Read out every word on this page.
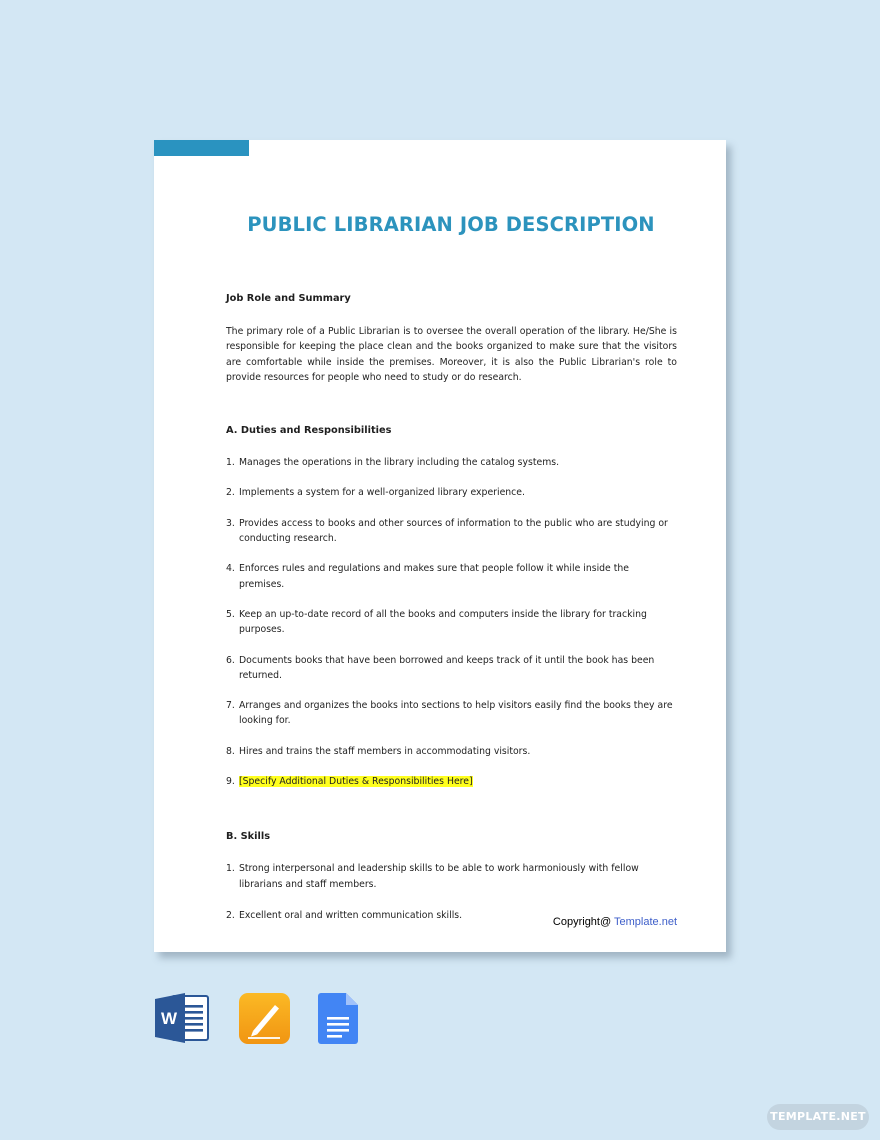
PUBLIC LIBRARIAN JOB DESCRIPTION

Job Role and Summary

The primary role of a Public Librarian is to oversee the overall operation of the library. He/She is responsible for keeping the place clean and the books organized to make sure that the visitors are comfortable while inside the premises. Moreover, it is also the Public Librarian's role to provide resources for people who need to study or do research.

A. Duties and Responsibilities

1. Manages the operations in the library including the catalog systems.
2. Implements a system for a well-organized library experience.
3. Provides access to books and other sources of information to the public who are studying or conducting research.
4. Enforces rules and regulations and makes sure that people follow it while inside the premises.
5. Keep an up-to-date record of all the books and computers inside the library for tracking purposes.
6. Documents books that have been borrowed and keeps track of it until the book has been returned.
7. Arranges and organizes the books into sections to help visitors easily find the books they are looking for.
8. Hires and trains the staff members in accommodating visitors.
9. [Specify Additional Duties & Responsibilities Here]

B. Skills

1. Strong interpersonal and leadership skills to be able to work harmoniously with fellow librarians and staff members.
2. Excellent oral and written communication skills.
Copyright@ Template.net
W
TEMPLATE.NET
